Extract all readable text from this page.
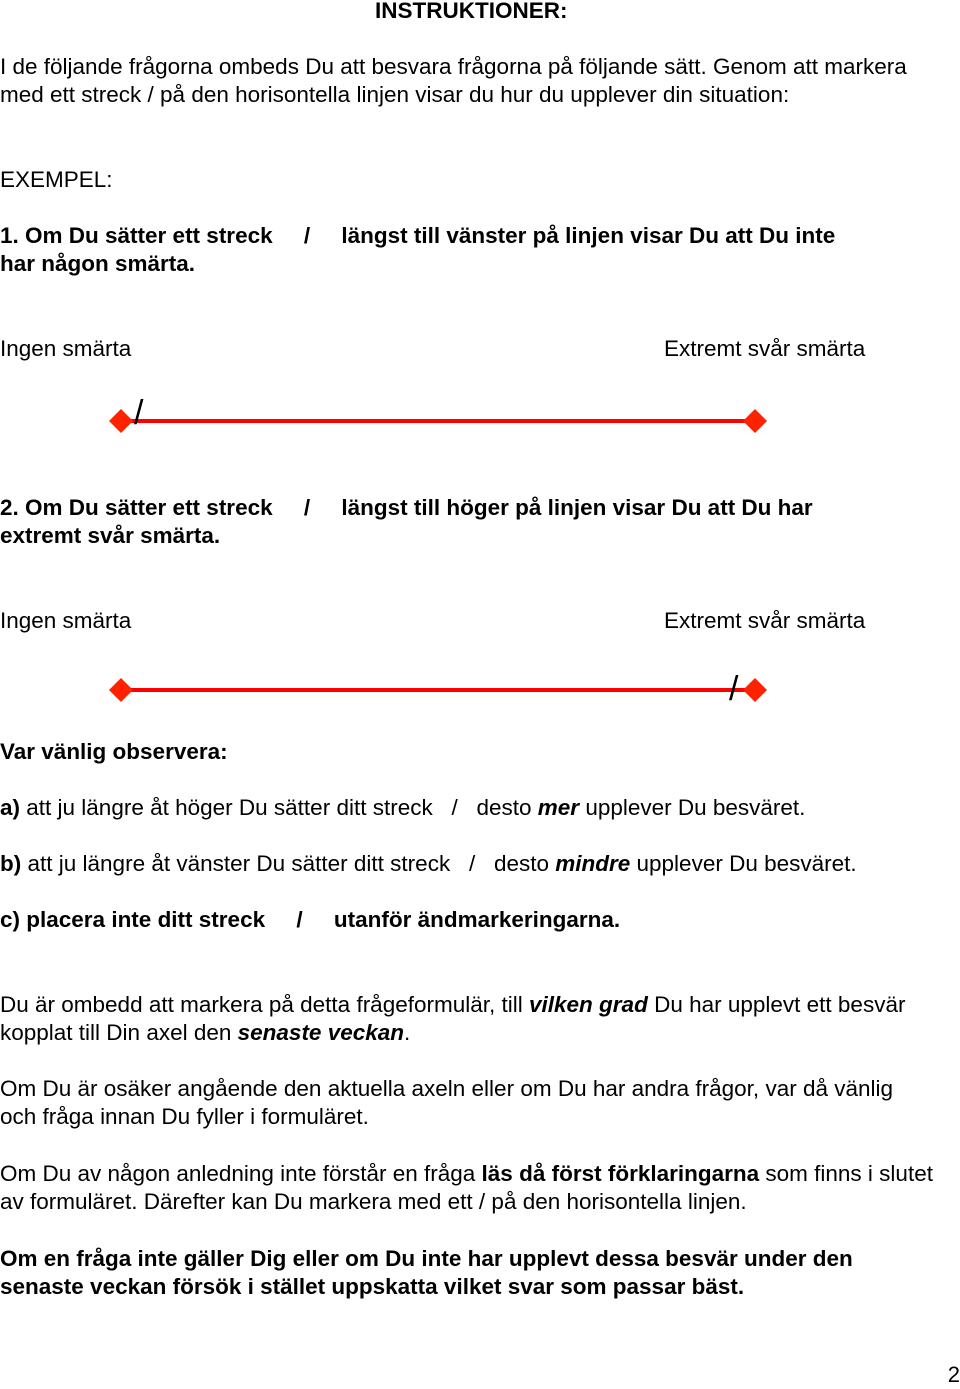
INSTRUKTIONER:

I de följande frågorna ombeds Du att besvara frågorna på följande sätt. Genom att markera med ett streck / på den horisontella linjen visar du hur du upplever din situation:

EXEMPEL:
1. Om Du sätter ett streck     /     längst till vänster på linjen visar Du att Du inte
har någon smärta.
Ingen smärta	Extremt svår smärta
/
2. Om Du sätter ett streck     /     längst till höger på linjen visar Du att Du har
extremt svår smärta.
Ingen smärta	Extremt svår smärta
/
Var vänlig observera:
a) att ju längre åt höger Du sätter ditt streck   /   desto mer upplever Du besväret.
b) att ju längre åt vänster Du sätter ditt streck   /   desto mindre upplever Du besväret.
c) placera inte ditt streck     /     utanför ändmarkeringarna.

Du är ombedd att markera på detta frågeformulär, till vilken grad Du har upplevt ett besvär kopplat till Din axel den senaste veckan.

Om Du är osäker angående den aktuella axeln eller om Du har andra frågor, var då vänlig och fråga innan Du fyller i formuläret.

Om Du av någon anledning inte förstår en fråga läs då först förklaringarna som finns i slutet av formuläret. Därefter kan Du markera med ett / på den horisontella linjen.

Om en fråga inte gäller Dig eller om Du inte har upplevt dessa besvär under den senaste veckan försök i stället uppskatta vilket svar som passar bäst.

2
